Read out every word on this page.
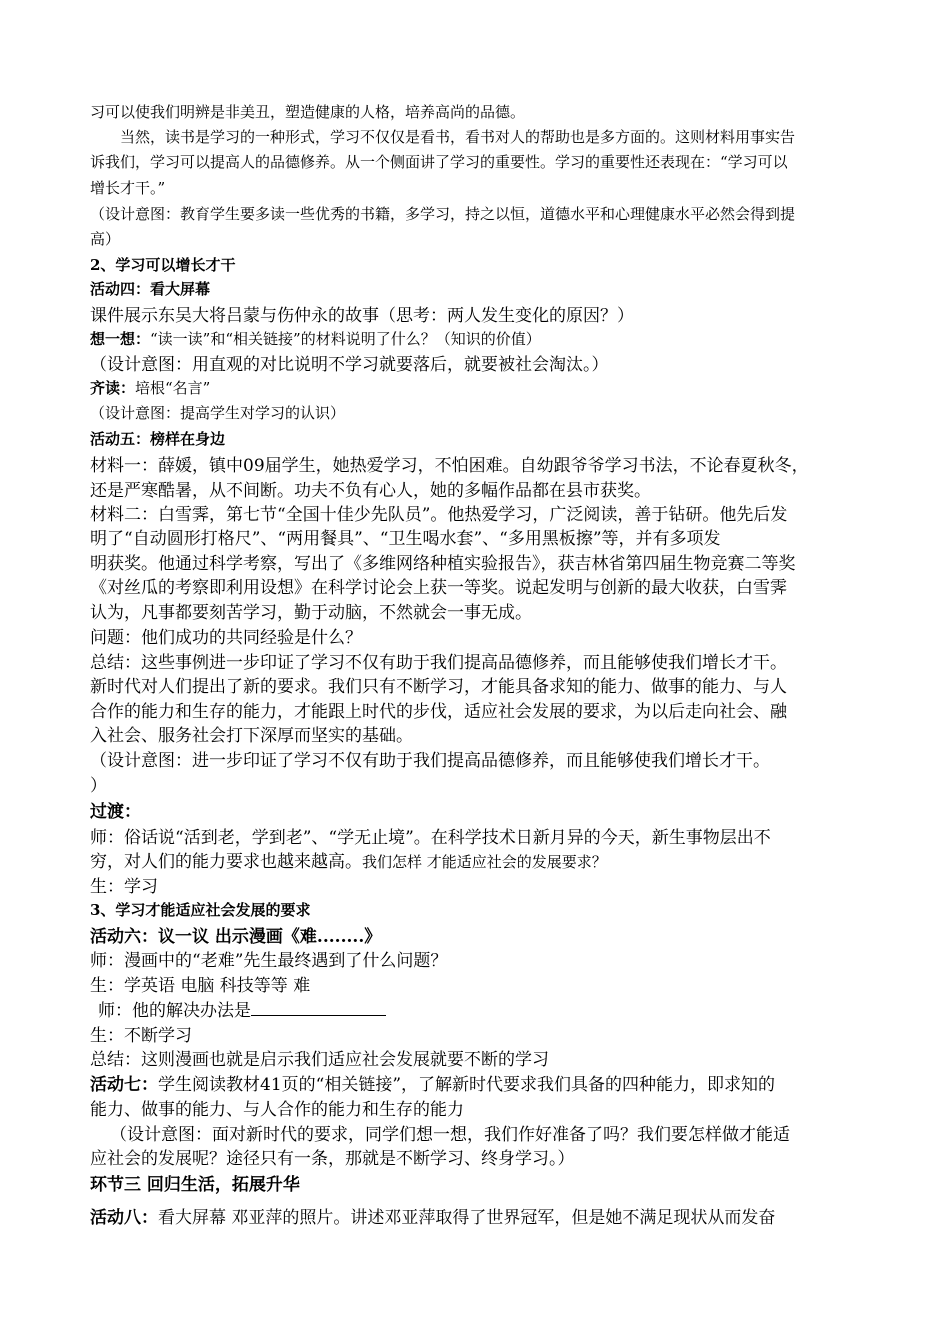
习可以使我们明辨是非美丑，塑造健康的人格，培养高尚的品德。
当然，读书是学习的一种形式，学习不仅仅是看书，看书对人的帮助也是多方面的。这则材料用事实告
诉我们，学习可以提高人的品德修养。从一个侧面讲了学习的重要性。学习的重要性还表现在：“学习可以
增长才干。”
（设计意图：教育学生要多读一些优秀的书籍，多学习，持之以恒，道德水平和心理健康水平必然会得到提
高）
2、学习可以增长才干
活动四：看大屏幕
课件展示东吴大将吕蒙与伤仲永的故事（思考：两人发生变化的原因？）
想一想：“读一读”和“相关链接”的材料说明了什么？（知识的价值）
（设计意图：用直观的对比说明不学习就要落后，就要被社会淘汰。）
齐读：培根“名言”
（设计意图：提高学生对学习的认识）
活动五：榜样在身边
材料一：薛媛，镇中09届学生，她热爱学习，不怕困难。自幼跟爷爷学习书法，不论春夏秋冬，
还是严寒酷暑，从不间断。功夫不负有心人，她的多幅作品都在县市获奖。
材料二：白雪霁，第七节“全国十佳少先队员”。他热爱学习，广泛阅读，善于钻研。他先后发
明了“自动圆形打格尺”、“两用餐具”、“卫生喝水套”、“多用黑板擦”等，并有多项发
明获奖。他通过科学考察，写出了《多维网络种植实验报告》，获吉林省第四届生物竞赛二等奖
《对丝瓜的考察即利用设想》在科学讨论会上获一等奖。说起发明与创新的最大收获，白雪霁
认为，凡事都要刻苦学习，勤于动脑，不然就会一事无成。
问题：他们成功的共同经验是什么？
总结：这些事例进一步印证了学习不仅有助于我们提高品德修养，而且能够使我们增长才干。
新时代对人们提出了新的要求。我们只有不断学习，才能具备求知的能力、做事的能力、与人
合作的能力和生存的能力，才能跟上时代的步伐，适应社会发展的要求，为以后走向社会、融
入社会、服务社会打下深厚而坚实的基础。
（设计意图：进一步印证了学习不仅有助于我们提高品德修养，而且能够使我们增长才干。
）
过渡：
师：俗话说“活到老，学到老”、“学无止境”。在科学技术日新月异的今天，新生事物层出不
穷，对人们的能力要求也越来越高。我们怎样 才能适应社会的发展要求？
生：学习
3、学习才能适应社会发展的要求
活动六：议一议 出示漫画《难........》
师：漫画中的“老难”先生最终遇到了什么问题？
生：学英语 电脑 科技等等 难
师：他的解决办法是
生：不断学习
总结：这则漫画也就是启示我们适应社会发展就要不断的学习
活动七：学生阅读教材41页的“相关链接”，了解新时代要求我们具备的四种能力，即求知的
能力、做事的能力、与人合作的能力和生存的能力
（设计意图：面对新时代的要求，同学们想一想，我们作好准备了吗？我们要怎样做才能适
应社会的发展呢？途径只有一条，那就是不断学习、终身学习。）
环节三 回归生活，拓展升华
活动八：看大屏幕 邓亚萍的照片。讲述邓亚萍取得了世界冠军，但是她不满足现状从而发奋
